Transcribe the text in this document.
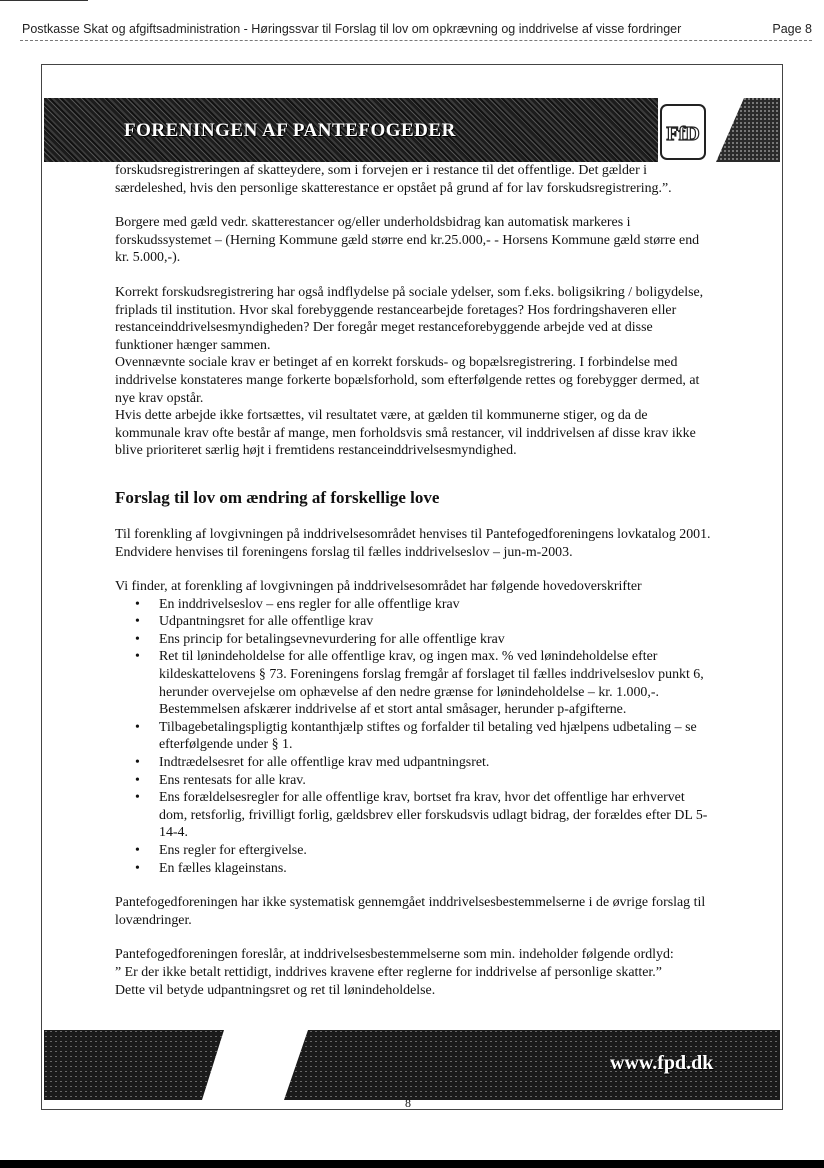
Postkasse Skat og afgiftsadministration - Høringssvar til Forslag til lov om opkrævning og inddrivelse af visse fordringer	Page 8
FORENINGEN AF PANTEFOGEDER	FfD

forskudsregistreringen af skatteydere, som i forvejen er i restance til det offentlige. Det gælder i særdeleshed, hvis den personlige skatterestance er opstået på grund af for lav forskudsregistrering.”.

Borgere med gæld vedr. skatterestancer og/eller underholdsbidrag kan automatisk markeres i forskudssystemet – (Herning Kommune gæld større end kr.25.000,- - Horsens Kommune gæld større end kr. 5.000,-).

Korrekt forskudsregistrering har også indflydelse på sociale ydelser, som f.eks. boligsikring / boligydelse, friplads til institution. Hvor skal forebyggende restancearbejde foretages? Hos fordringshaveren eller restanceinddrivelsesmyndigheden? Der foregår meget restanceforebyggende arbejde ved at disse funktioner hænger sammen.

Ovennævnte sociale krav er betinget af en korrekt forskuds- og bopælsregistrering. I forbindelse med inddrivelse konstateres mange forkerte bopælsforhold, som efterfølgende rettes og forebygger dermed, at nye krav opstår.

Hvis dette arbejde ikke fortsættes, vil resultatet være, at gælden til kommunerne stiger, og da de kommunale krav ofte består af mange, men forholdsvis små restancer, vil inddrivelsen af disse krav ikke blive prioriteret særlig højt i fremtidens restanceinddrivelsesmyndighed.

Forslag til lov om ændring af forskellige love

Til forenkling af lovgivningen på inddrivelsesområdet henvises til Pantefogedforeningens lovkatalog 2001. Endvidere henvises til foreningens forslag til fælles inddrivelseslov – jun-m-2003.

Vi finder, at forenkling af lovgivningen på inddrivelsesområdet har følgende hovedoverskrifter

• En inddrivelseslov – ens regler for alle offentlige krav
• Udpantningsret for alle offentlige krav
• Ens princip for betalingsevnevurdering for alle offentlige krav
• Ret til lønindeholdelse for alle offentlige krav, og ingen max. % ved lønindeholdelse efter kildeskattelovens § 73. Foreningens forslag fremgår af forslaget til fælles inddrivelseslov punkt 6, herunder overvejelse om ophævelse af den nedre grænse for lønindeholdelse – kr. 1.000,-. Bestemmelsen afskærer inddrivelse af et stort antal småsager, herunder p-afgifterne.
• Tilbagebetalingspligtig kontanthjælp stiftes og forfalder til betaling ved hjælpens udbetaling – se efterfølgende under § 1.
• Indtrædelsesret for alle offentlige krav med udpantningsret.
• Ens rentesats for alle krav.
• Ens forældelsesregler for alle offentlige krav, bortset fra krav, hvor det offentlige har erhvervet dom, retsforlig, frivilligt forlig, gældsbrev eller forskudsvis udlagt bidrag, der forældes efter DL 5-14-4.
• Ens regler for eftergivelse.
• En fælles klageinstans.

Pantefogedforeningen har ikke systematisk gennemgået inddrivelsesbestemmelserne i de øvrige forslag til lovændringer.

Pantefogedforeningen foreslår, at inddrivelsesbestemmelserne som min. indeholder følgende ordlyd:

” Er der ikke betalt rettidigt, inddrives kravene efter reglerne for inddrivelse af personlige skatter.”

Dette vil betyde udpantningsret og ret til lønindeholdelse.

www.fpd.dk
8
